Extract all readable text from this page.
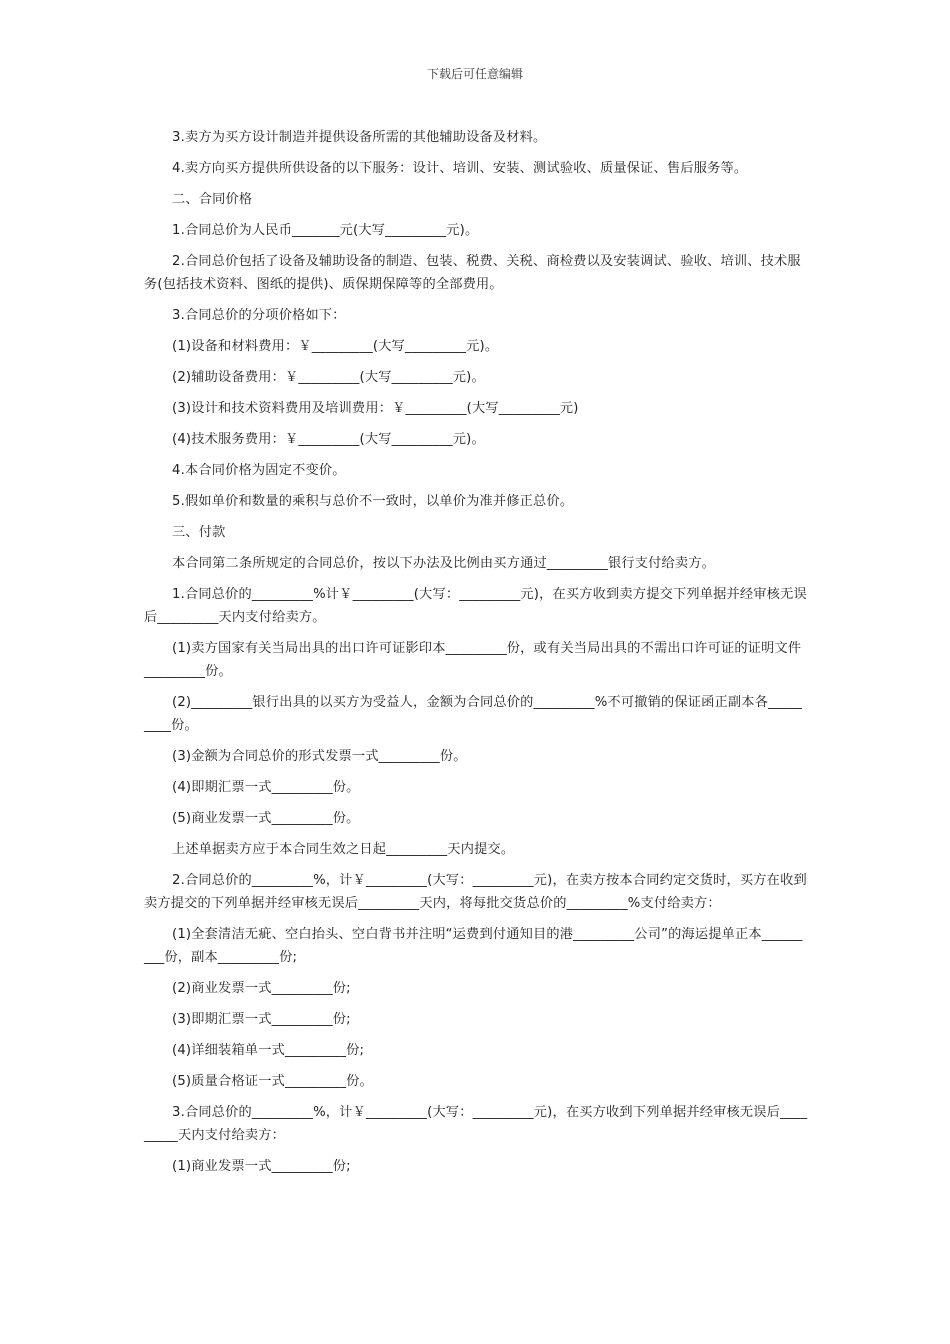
下载后可任意编辑

3.卖方为买方设计制造并提供设备所需的其他辅助设备及材料。

4.卖方向买方提供所供设备的以下服务：设计、培训、安装、测试验收、质量保证、售后服务等。

二、合同价格

1.合同总价为人民币_______元(大写_________元)。

2.合同总价包括了设备及辅助设备的制造、包装、税费、关税、商检费以及安装调试、验收、培训、技术服务(包括技术资料、图纸的提供)、质保期保障等的全部费用。

3.合同总价的分项价格如下：

(1)设备和材料费用：￥_________(大写_________元)。

(2)辅助设备费用：￥_________(大写_________元)。

(3)设计和技术资料费用及培训费用：￥_________(大写_________元)

(4)技术服务费用：￥_________(大写_________元)。

4.本合同价格为固定不变价。

5.假如单价和数量的乘积与总价不一致时，以单价为准并修正总价。

三、付款

本合同第二条所规定的合同总价，按以下办法及比例由买方通过_________银行支付给卖方。

1.合同总价的_________%计￥_________(大写：_________元)，在买方收到卖方提交下列单据并经审核无误后_________天内支付给卖方。

(1)卖方国家有关当局出具的出口许可证影印本_________份，或有关当局出具的不需出口许可证的证明文件_________份。

(2)_________银行出具的以买方为受益人，金额为合同总价的_________%不可撤销的保证函正副本各_________份。

(3)金额为合同总价的形式发票一式_________份。

(4)即期汇票一式_________份。

(5)商业发票一式_________份。

上述单据卖方应于本合同生效之日起_________天内提交。

2.合同总价的_________%，计￥_________(大写：_________元)，在卖方按本合同约定交货时，买方在收到卖方提交的下列单据并经审核无误后_________天内，将每批交货总价的_________%支付给卖方：

(1)全套清洁无疵、空白抬头、空白背书并注明“运费到付通知目的港_________公司”的海运提单正本_________份，副本_________份;

(2)商业发票一式_________份;

(3)即期汇票一式_________份;

(4)详细装箱单一式_________份;

(5)质量合格证一式_________份。

3.合同总价的_________%，计￥_________(大写：_________元)，在买方收到下列单据并经审核无误后_________天内支付给卖方：

(1)商业发票一式_________份;
